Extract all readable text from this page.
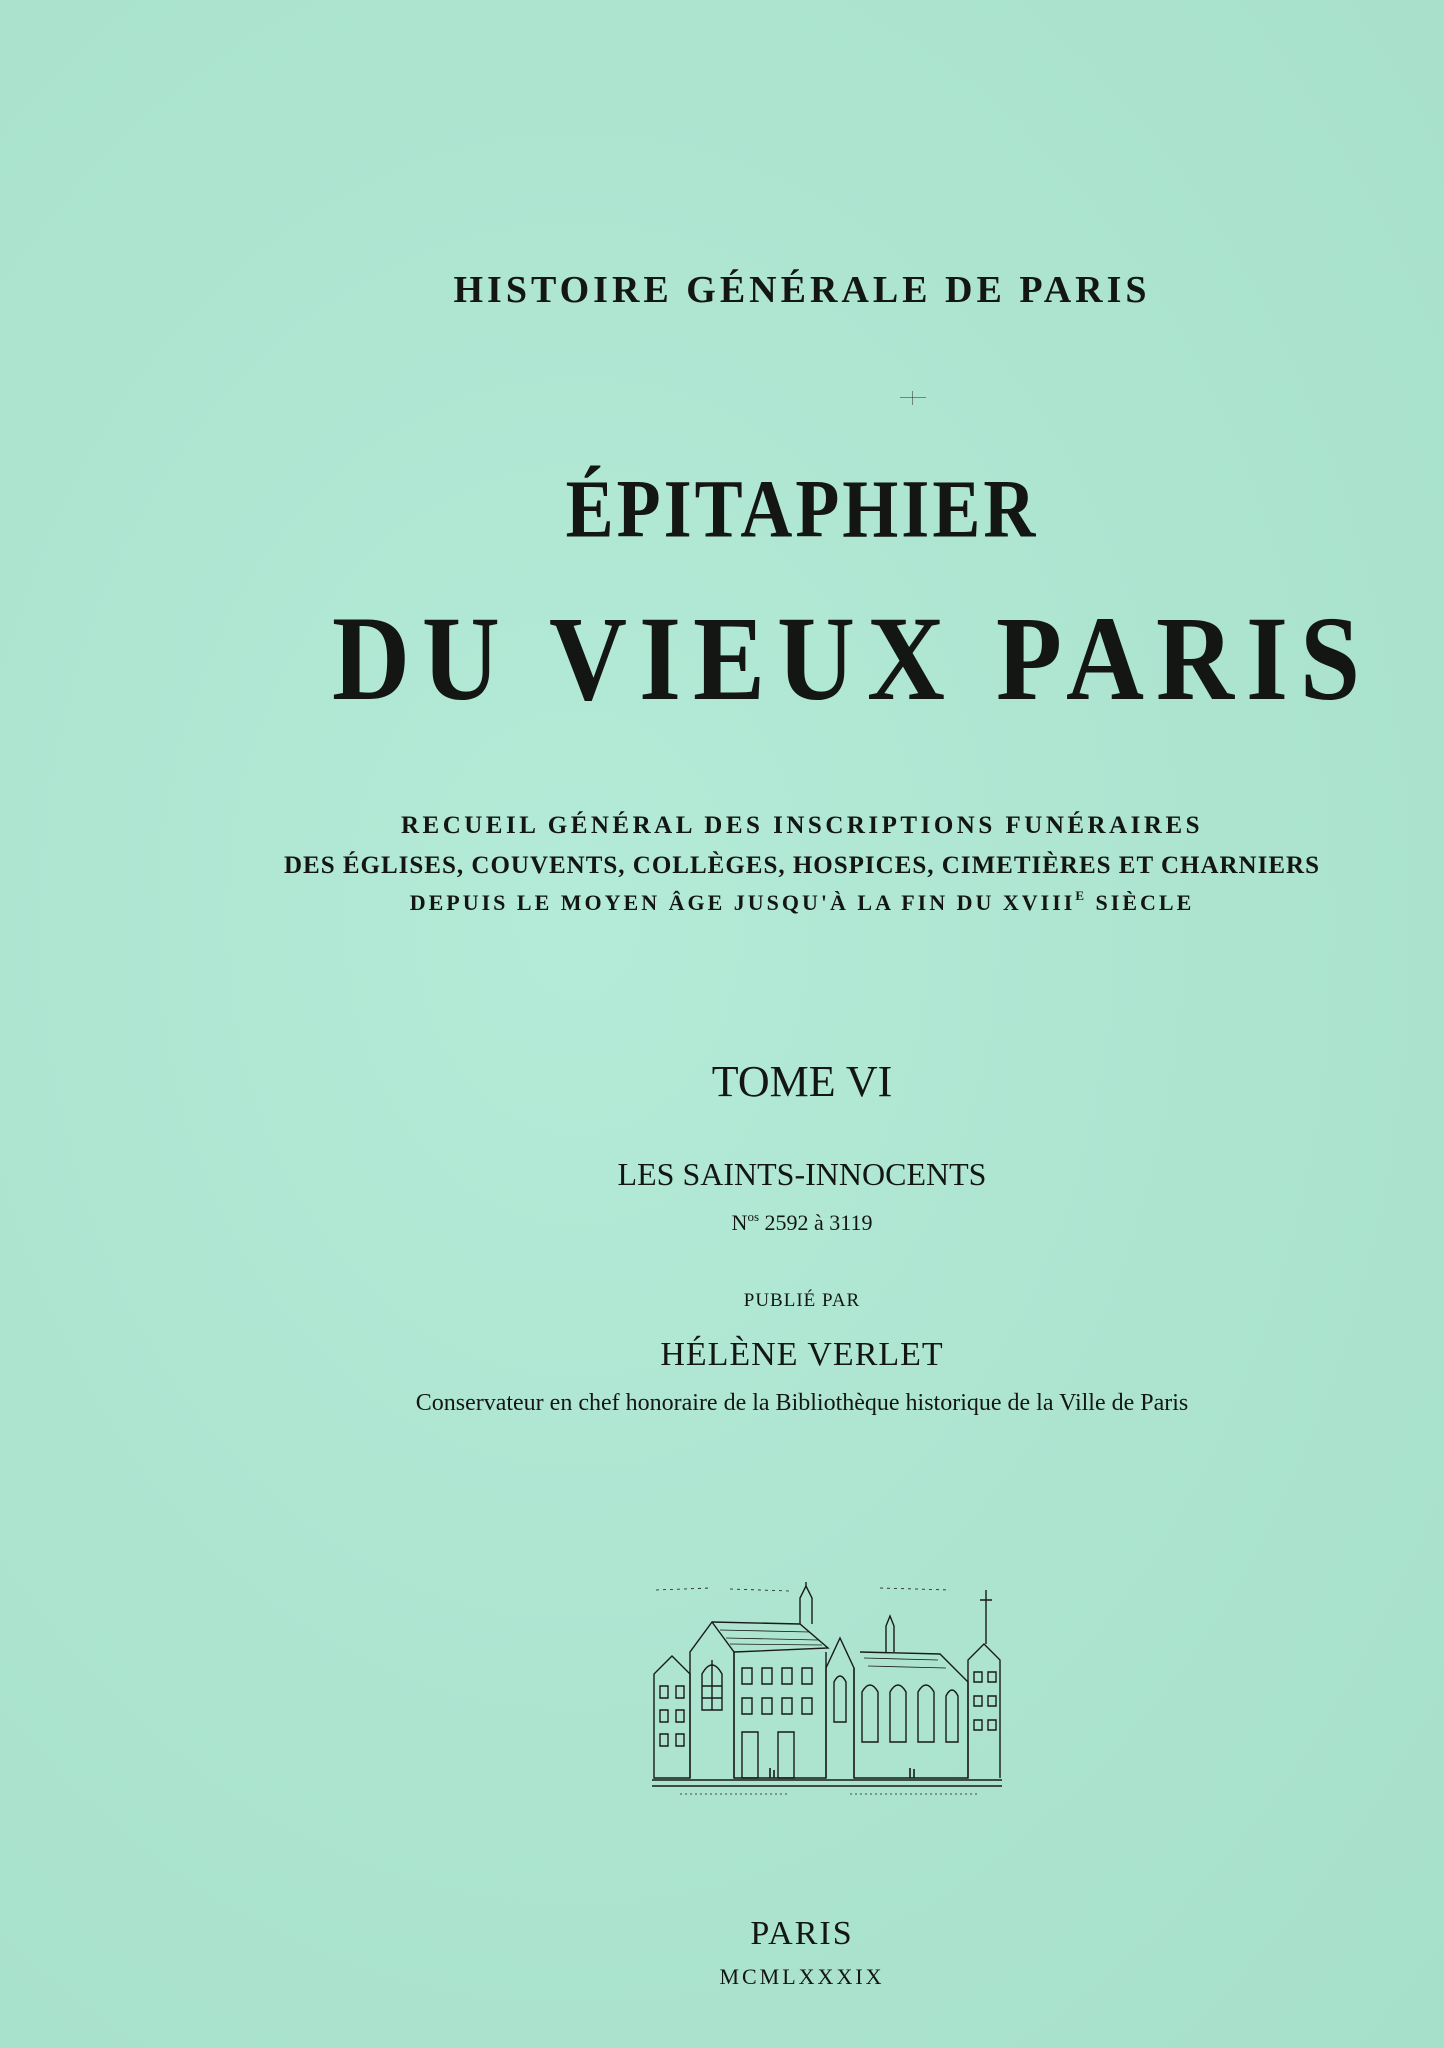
HISTOIRE GÉNÉRALE DE PARIS
ÉPITAPHIER
DU VIEUX PARIS
RECUEIL GÉNÉRAL DES INSCRIPTIONS FUNÉRAIRES
DES ÉGLISES, COUVENTS, COLLÈGES, HOSPICES, CIMETIÈRES ET CHARNIERS
DEPUIS LE MOYEN ÂGE JUSQU'À LA FIN DU $XVIII^E$ SIÈCLE
TOME VI
LES SAINTS-INNOCENTS
$N^{os}$ 2592 à 3119
PUBLIÉ PAR
HÉLÈNE VERLET
Conservateur en chef honoraire de la Bibliothèque historique de la Ville de Paris
PARIS
MCMLXXXIX
